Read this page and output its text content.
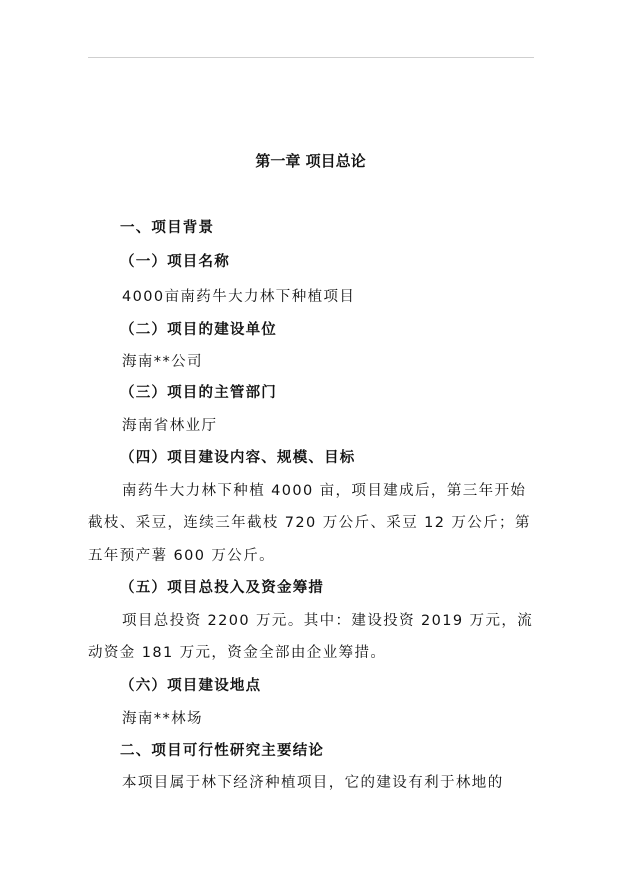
第一章 项目总论
一、项目背景
（一）项目名称
4000亩南药牛大力林下种植项目
（二）项目的建设单位
海南**公司
（三）项目的主管部门
海南省林业厅
（四）项目建设内容、规模、目标
南药牛大力林下种植 4000 亩，项目建成后，第三年开始
截枝、采豆，连续三年截枝 720 万公斤、采豆 12 万公斤；第
五年预产薯 600 万公斤。
（五）项目总投入及资金筹措
项目总投资 2200 万元。其中：建设投资 2019 万元，流
动资金 181 万元，资金全部由企业筹措。
（六）项目建设地点
海南**林场
二、项目可行性研究主要结论
本项目属于林下经济种植项目，它的建设有利于林地的
